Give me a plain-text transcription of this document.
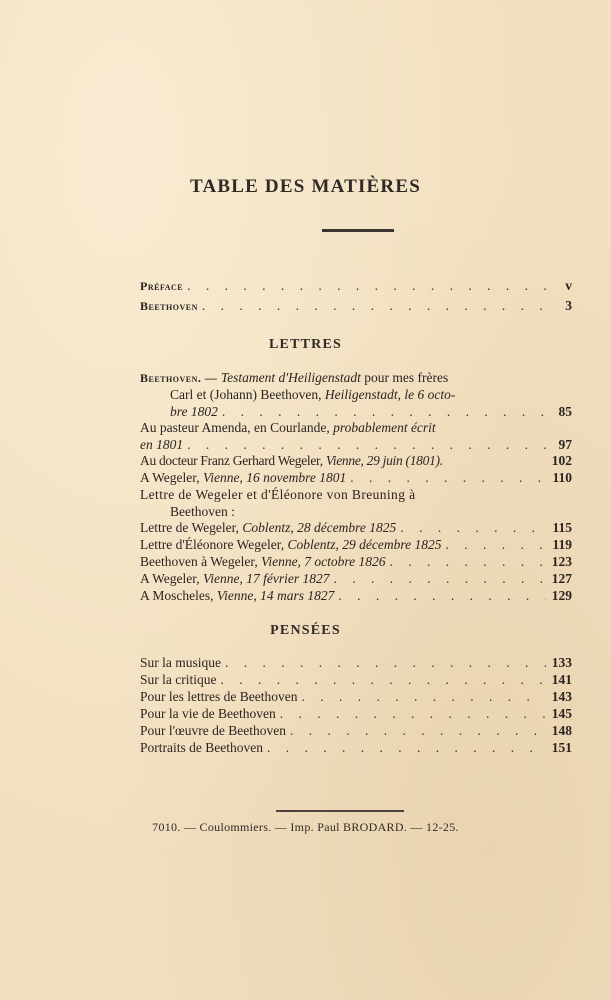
TABLE DES MATIÈRES
Préface . . .	v
Beethoven . . .	3
LETTRES
Beethoven. — Testament d'Heiligenstadt pour mes frères
Carl et (Johann) Beethoven, Heiligenstadt, le 6 octo-
bre 1802 . . .	85
Au pasteur Amenda, en Courlande, probablement écrit
en 1801 . . .	97
Au docteur Franz Gerhard Wegeler, Vienne, 29 juin (1801).	102
A Wegeler, Vienne, 16 novembre 1801 . . .	110
Lettre de Wegeler et d'Éléonore von Breuning à
Beethoven :
Lettre de Wegeler, Coblentz, 28 décembre 1825 . . .	115
Lettre d'Éléonore Wegeler, Coblentz, 29 décembre 1825 . . .	119
Beethoven à Wegeler, Vienne, 7 octobre 1826 . . .	123
A Wegeler, Vienne, 17 février 1827 . . .	127
A Moscheles, Vienne, 14 mars 1827 . . .	129
PENSÉES
Sur la musique . . .	133
Sur la critique . . .	141
Pour les lettres de Beethoven . . .	143
Pour la vie de Beethoven . . .	145
Pour l'œuvre de Beethoven . . .	148
Portraits de Beethoven . . .	151
7010. — Coulommiers. — Imp. Paul BRODARD. — 12-25.
